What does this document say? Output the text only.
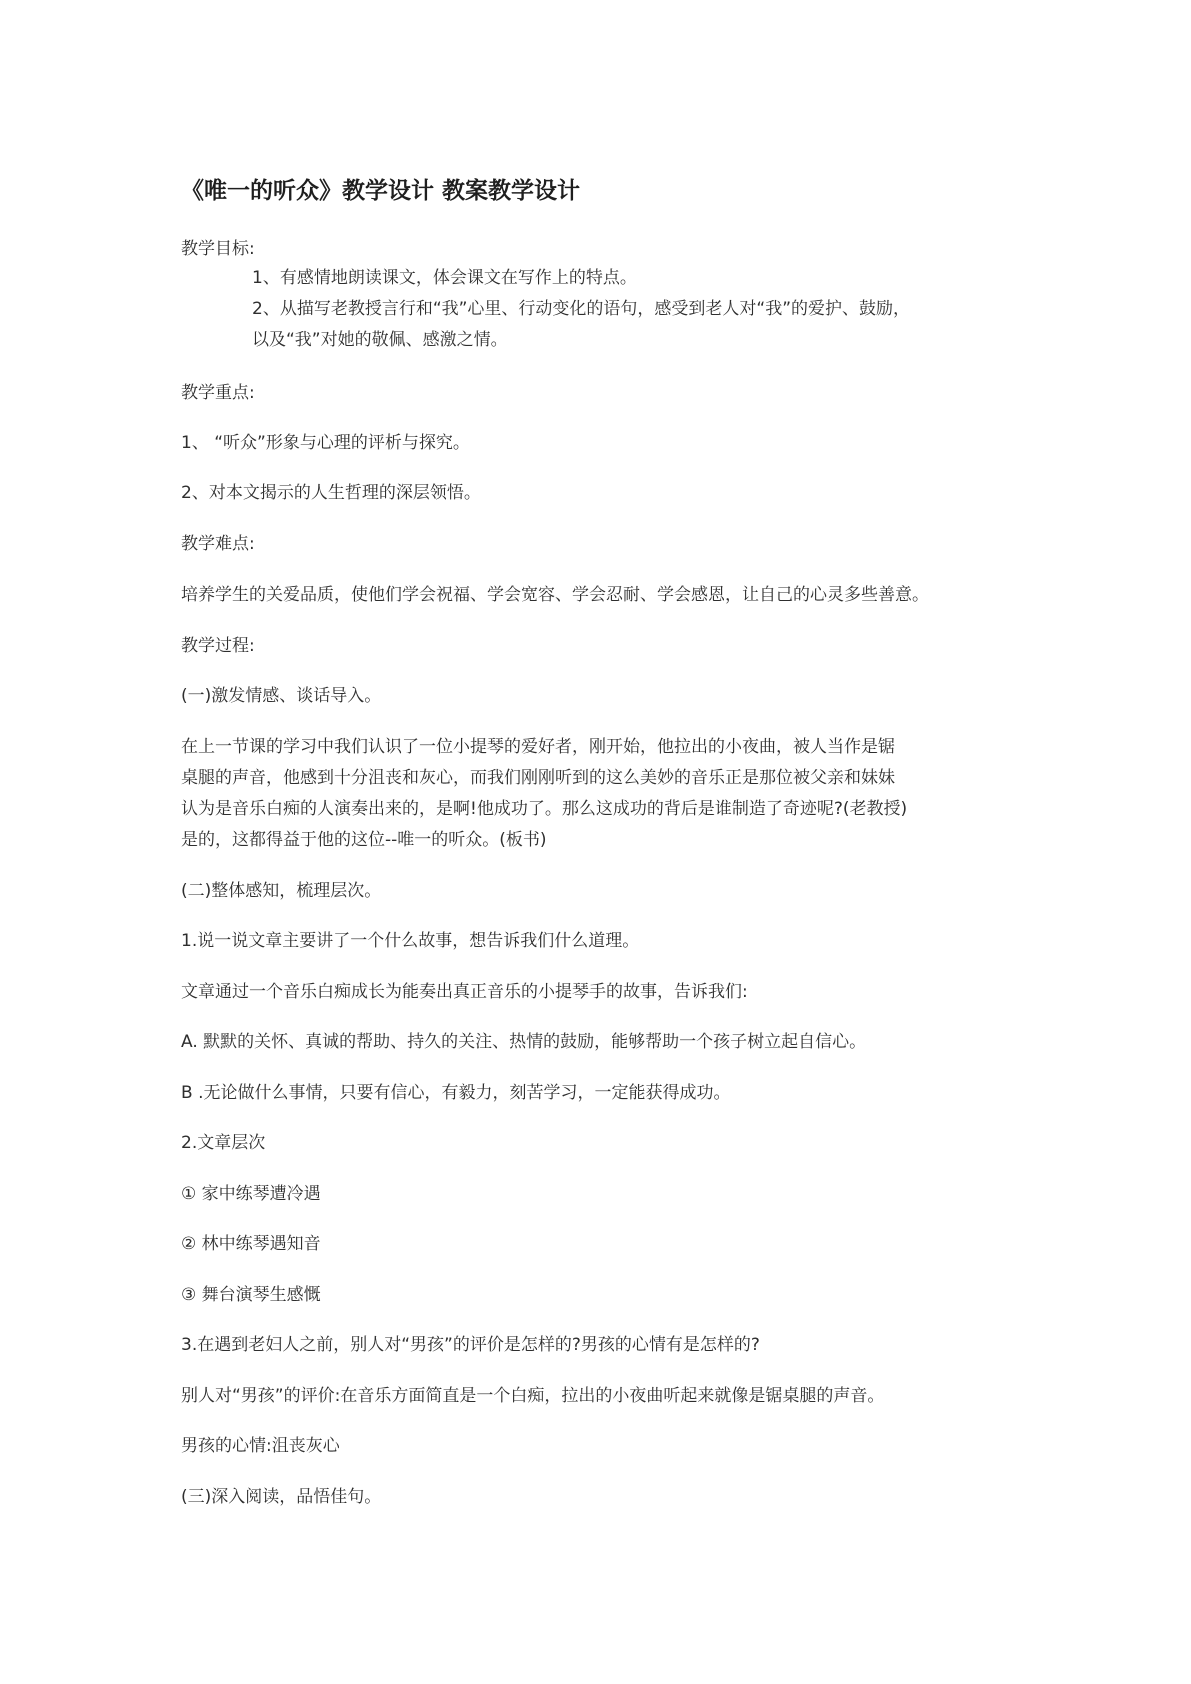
《唯一的听众》教学设计 教案教学设计
教学目标:
1、有感情地朗读课文，体会课文在写作上的特点。
2、从描写老教授言行和“我”心里、行动变化的语句，感受到老人对“我”的爱护、鼓励，
以及“我”对她的敬佩、感激之情。
教学重点:
1、 “听众”形象与心理的评析与探究。
2、对本文揭示的人生哲理的深层领悟。
教学难点:
培养学生的关爱品质，使他们学会祝福、学会宽容、学会忍耐、学会感恩，让自己的心灵多些善意。
教学过程:
(一)激发情感、谈话导入。
在上一节课的学习中我们认识了一位小提琴的爱好者，刚开始，他拉出的小夜曲，被人当作是锯
桌腿的声音，他感到十分沮丧和灰心，而我们刚刚听到的这么美妙的音乐正是那位被父亲和妹妹
认为是音乐白痴的人演奏出来的，是啊!他成功了。那么这成功的背后是谁制造了奇迹呢?(老教授)
是的，这都得益于他的这位--唯一的听众。(板书)
(二)整体感知，梳理层次。
1.说一说文章主要讲了一个什么故事，想告诉我们什么道理。
文章通过一个音乐白痴成长为能奏出真正音乐的小提琴手的故事，告诉我们:
A. 默默的关怀、真诚的帮助、持久的关注、热情的鼓励，能够帮助一个孩子树立起自信心。
B .无论做什么事情，只要有信心，有毅力，刻苦学习，一定能获得成功。
2.文章层次
① 家中练琴遭冷遇
② 林中练琴遇知音
③ 舞台演琴生感慨
3.在遇到老妇人之前，别人对“男孩”的评价是怎样的?男孩的心情有是怎样的?
别人对“男孩”的评价:在音乐方面简直是一个白痴，拉出的小夜曲听起来就像是锯桌腿的声音。
男孩的心情:沮丧灰心
(三)深入阅读，品悟佳句。
